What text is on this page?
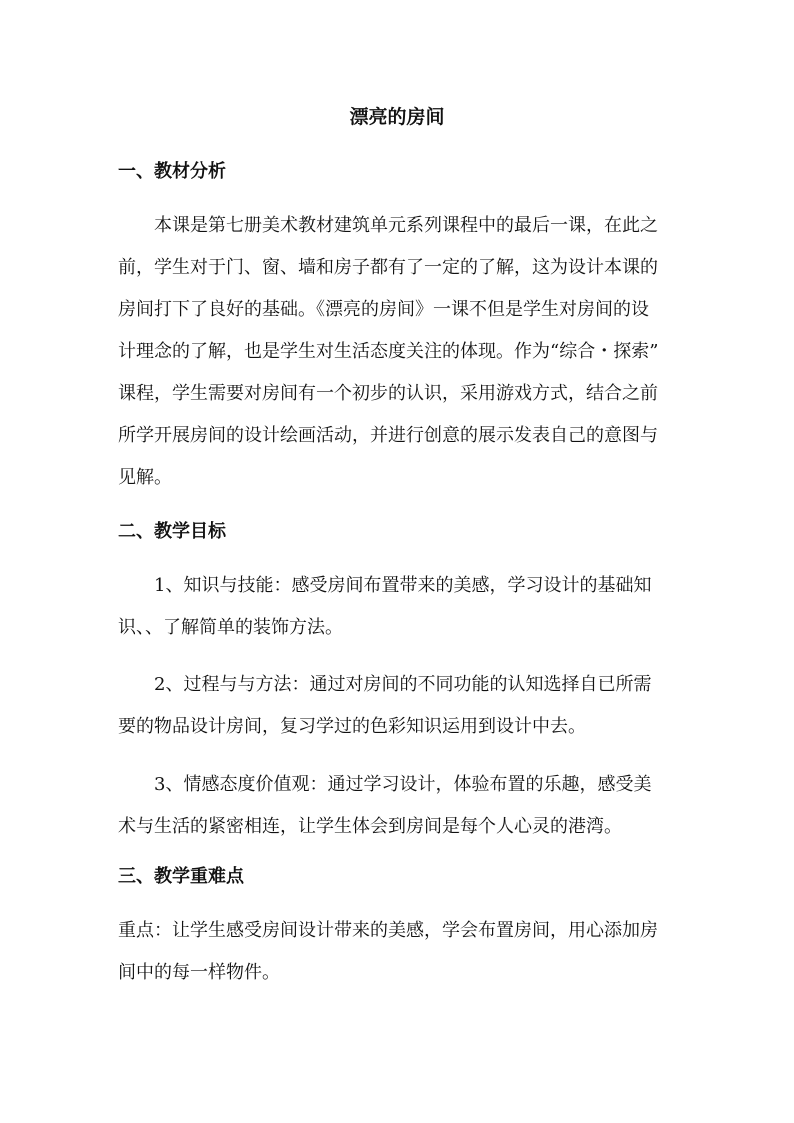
漂亮的房间
一、教材分析

本课是第七册美术教材建筑单元系列课程中的最后一课，在此之
前，学生对于门、窗、墙和房子都有了一定的了解，这为设计本课的
房间打下了良好的基础。《漂亮的房间》一课不但是学生对房间的设
计理念的了解，也是学生对生活态度关注的体现。作为“综合・探索”
课程，学生需要对房间有一个初步的认识，采用游戏方式，结合之前
所学开展房间的设计绘画活动，并进行创意的展示发表自己的意图与
见解。

二、教学目标

1、知识与技能：感受房间布置带来的美感，学习设计的基础知
识、、了解简单的装饰方法。

2、过程与与方法：通过对房间的不同功能的认知选择自已所需
要的物品设计房间，复习学过的色彩知识运用到设计中去。

3、情感态度价值观：通过学习设计，体验布置的乐趣，感受美
术与生活的紧密相连，让学生体会到房间是每个人心灵的港湾。

三、教学重难点

重点：让学生感受房间设计带来的美感，学会布置房间，用心添加房
间中的每一样物件。
